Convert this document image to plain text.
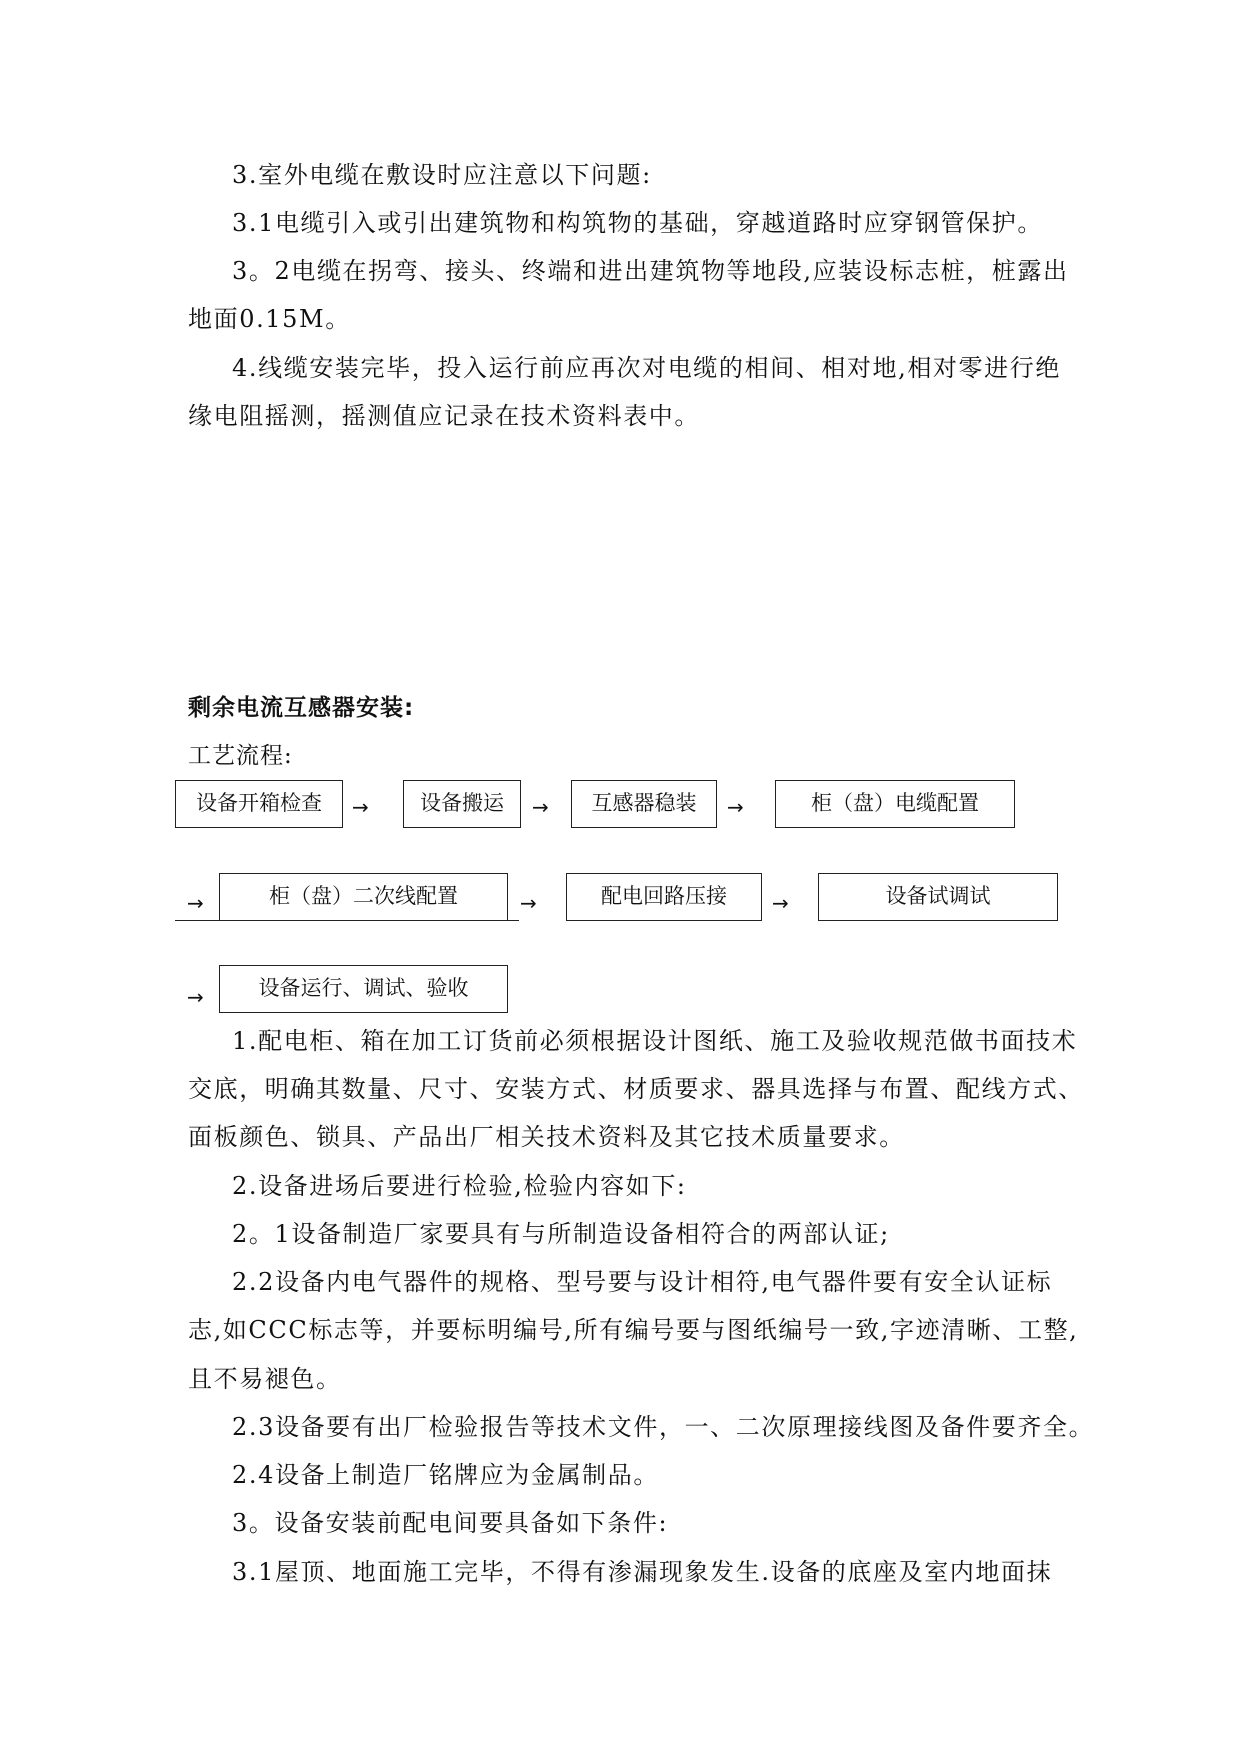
3.室外电缆在敷设时应注意以下问题:
3.1电缆引入或引出建筑物和构筑物的基础，穿越道路时应穿钢管保护。
3。2电缆在拐弯、接头、终端和进出建筑物等地段,应装设标志桩，桩露出
地面0.15M。
4.线缆安装完毕，投入运行前应再次对电缆的相间、相对地,相对零进行绝
缘电阻摇测，摇测值应记录在技术资料表中。
剩余电流互感器安装:
工艺流程:
设备开箱检查	→	设备搬运	→	互感器稳装	→	柜（盘）电缆配置
→	柜（盘）二次线配置	→	配电回路压接	→	设备试调试
→	设备运行、调试、验收
1.配电柜、箱在加工订货前必须根据设计图纸、施工及验收规范做书面技术
交底，明确其数量、尺寸、安装方式、材质要求、器具选择与布置、配线方式、
面板颜色、锁具、产品出厂相关技术资料及其它技术质量要求。
2.设备进场后要进行检验,检验内容如下:
2。1设备制造厂家要具有与所制造设备相符合的两部认证;
2.2设备内电气器件的规格、型号要与设计相符,电气器件要有安全认证标
志,如CCC标志等，并要标明编号,所有编号要与图纸编号一致,字迹清晰、工整,
且不易褪色。
2.3设备要有出厂检验报告等技术文件，一、二次原理接线图及备件要齐全。
2.4设备上制造厂铭牌应为金属制品。
3。设备安装前配电间要具备如下条件:
3.1屋顶、地面施工完毕，不得有渗漏现象发生.设备的底座及室内地面抹
